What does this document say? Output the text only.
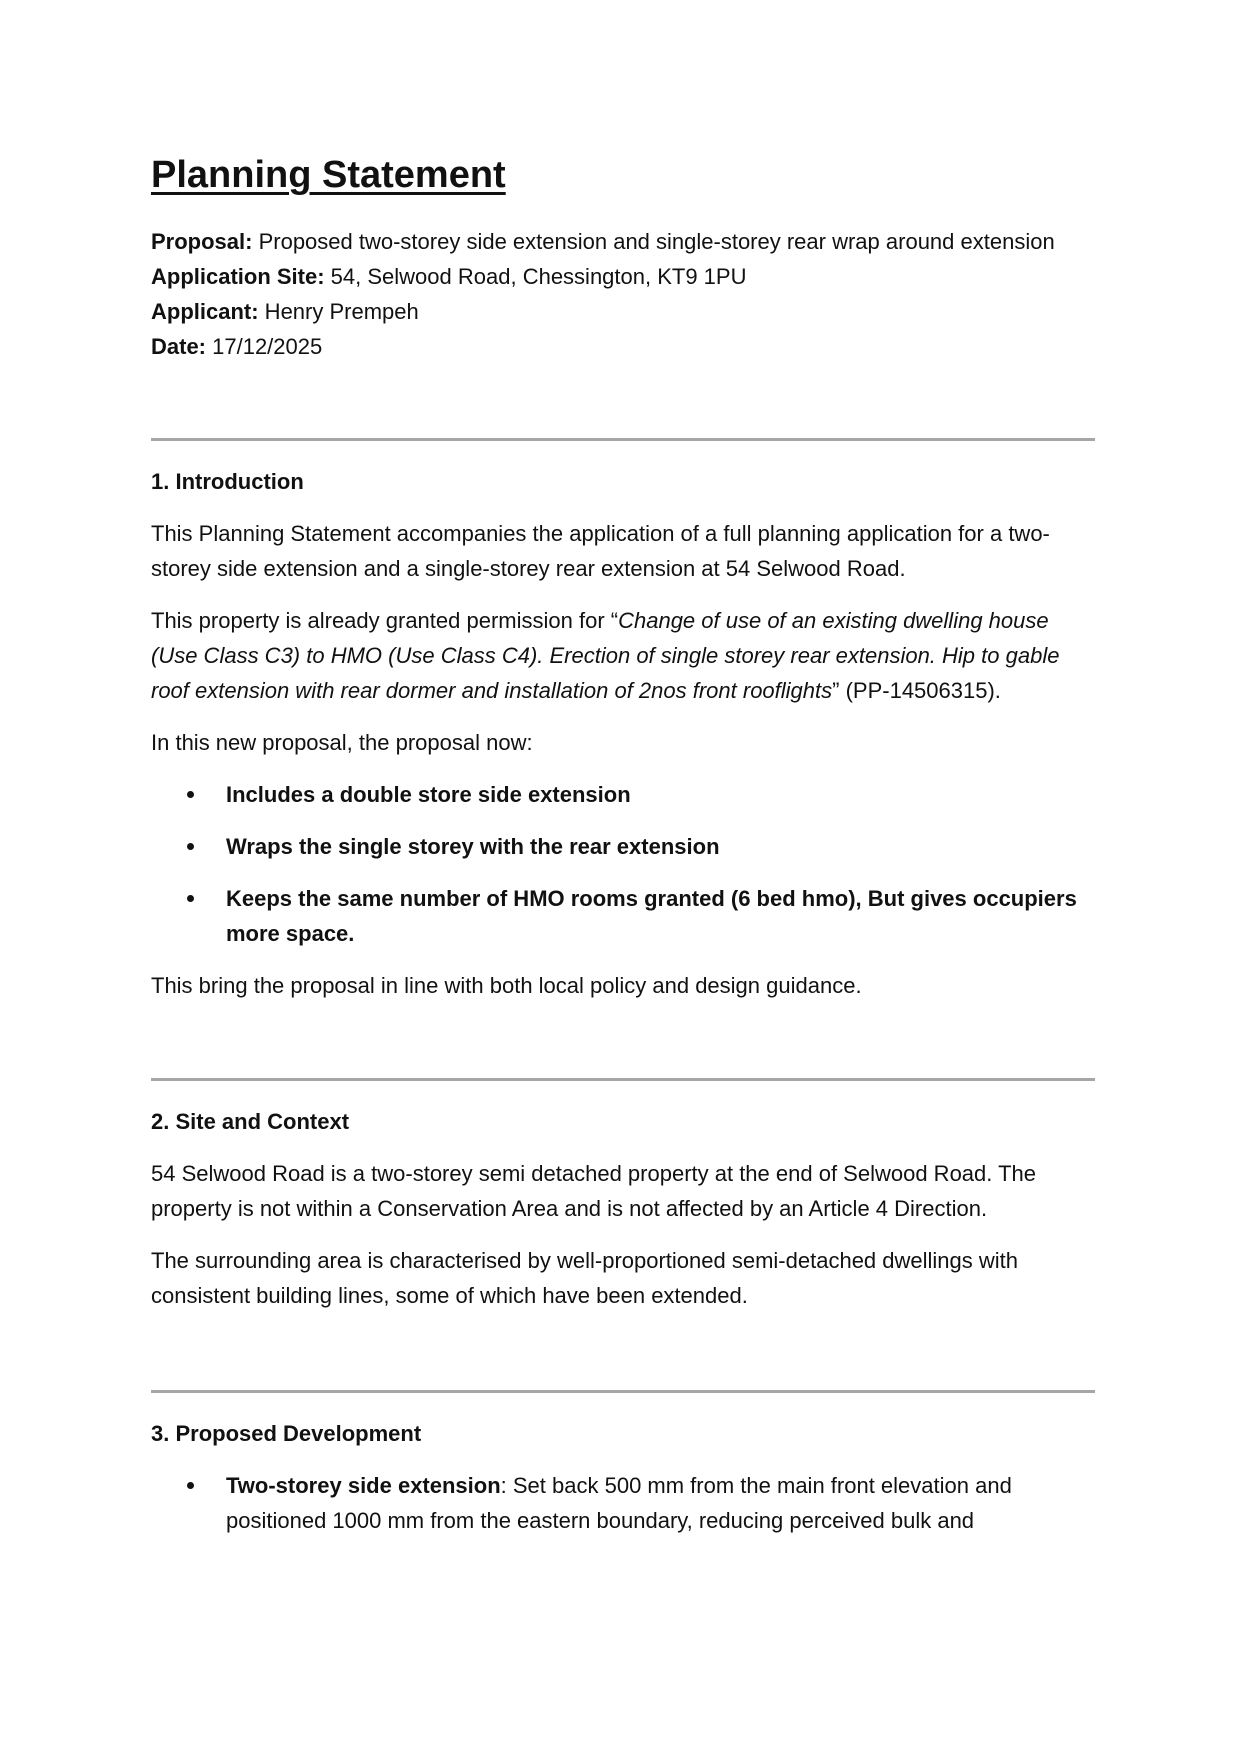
Planning Statement

Proposal: Proposed two-storey side extension and single-storey rear wrap around extension

Application Site: 54, Selwood Road, Chessington, KT9 1PU

Applicant: Henry Prempeh

Date: 17/12/2025

1. Introduction

This Planning Statement accompanies the application of a full planning application for a two-storey side extension and a single-storey rear extension at 54 Selwood Road.

This property is already granted permission for “Change of use of an existing dwelling house (Use Class C3) to HMO (Use Class C4). Erection of single storey rear extension. Hip to gable roof extension with rear dormer and installation of 2nos front rooflights” (PP-14506315).

In this new proposal, the proposal now:

Includes a double store side extension
Wraps the single storey with the rear extension
Keeps the same number of HMO rooms granted (6 bed hmo), But gives occupiers more space.

This bring the proposal in line with both local policy and design guidance.

2. Site and Context

54 Selwood Road is a two-storey semi detached property at the end of Selwood Road. The property is not within a Conservation Area and is not affected by an Article 4 Direction.

The surrounding area is characterised by well-proportioned semi-detached dwellings with consistent building lines, some of which have been extended.

3. Proposed Development
Two-storey side extension: Set back 500 mm from the main front elevation and positioned 1000 mm from the eastern boundary, reducing perceived bulk and
